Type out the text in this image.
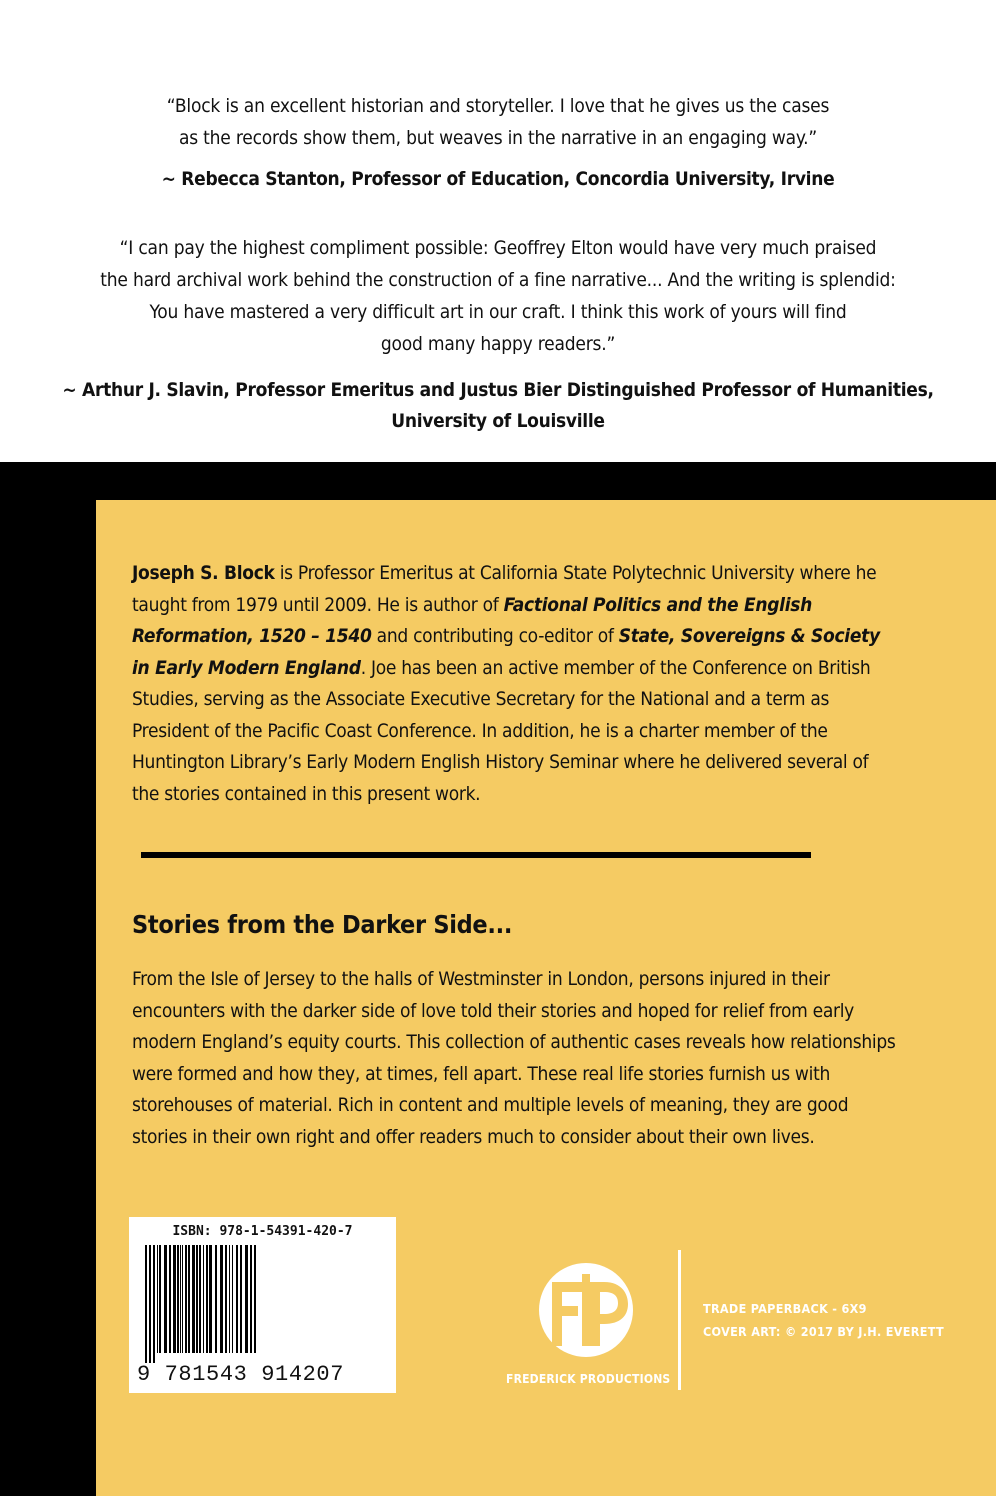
“Block is an excellent historian and storyteller. I love that he gives us the cases
as the records show them, but weaves in the narrative in an engaging way.”
~ Rebecca Stanton, Professor of Education, Concordia University, Irvine
“I can pay the highest compliment possible: Geoffrey Elton would have very much praised
the hard archival work behind the construction of a fine narrative... And the writing is splendid:
You have mastered a very difficult art in our craft. I think this work of yours will find
good many happy readers.”
~ Arthur J. Slavin, Professor Emeritus and Justus Bier Distinguished Professor of Humanities,
University of Louisville
Joseph S. Block is Professor Emeritus at California State Polytechnic University where he taught from 1979 until 2009. He is author of Factional Politics and the English Reformation, 1520 – 1540 and contributing co-editor of State, Sovereigns & Society in Early Modern England. Joe has been an active member of the Conference on British Studies, serving as the Associate Executive Secretary for the National and a term as President of the Pacific Coast Conference. In addition, he is a charter member of the Huntington Library’s Early Modern English History Seminar where he delivered several of the stories contained in this present work.
Stories from the Darker Side...
From the Isle of Jersey to the halls of Westminster in London, persons injured in their encounters with the darker side of love told their stories and hoped for relief from early modern England’s equity courts. This collection of authentic cases reveals how relationships were formed and how they, at times, fell apart. These real life stories furnish us with storehouses of material. Rich in content and multiple levels of meaning, they are good stories in their own right and offer readers much to consider about their own lives.
ISBN: 978-1-54391-420-7
9 781543 914207	FREDERICK PRODUCTIONS
TRADE PAPERBACK - 6X9
COVER ART: © 2017 BY J.H. EVERETT
